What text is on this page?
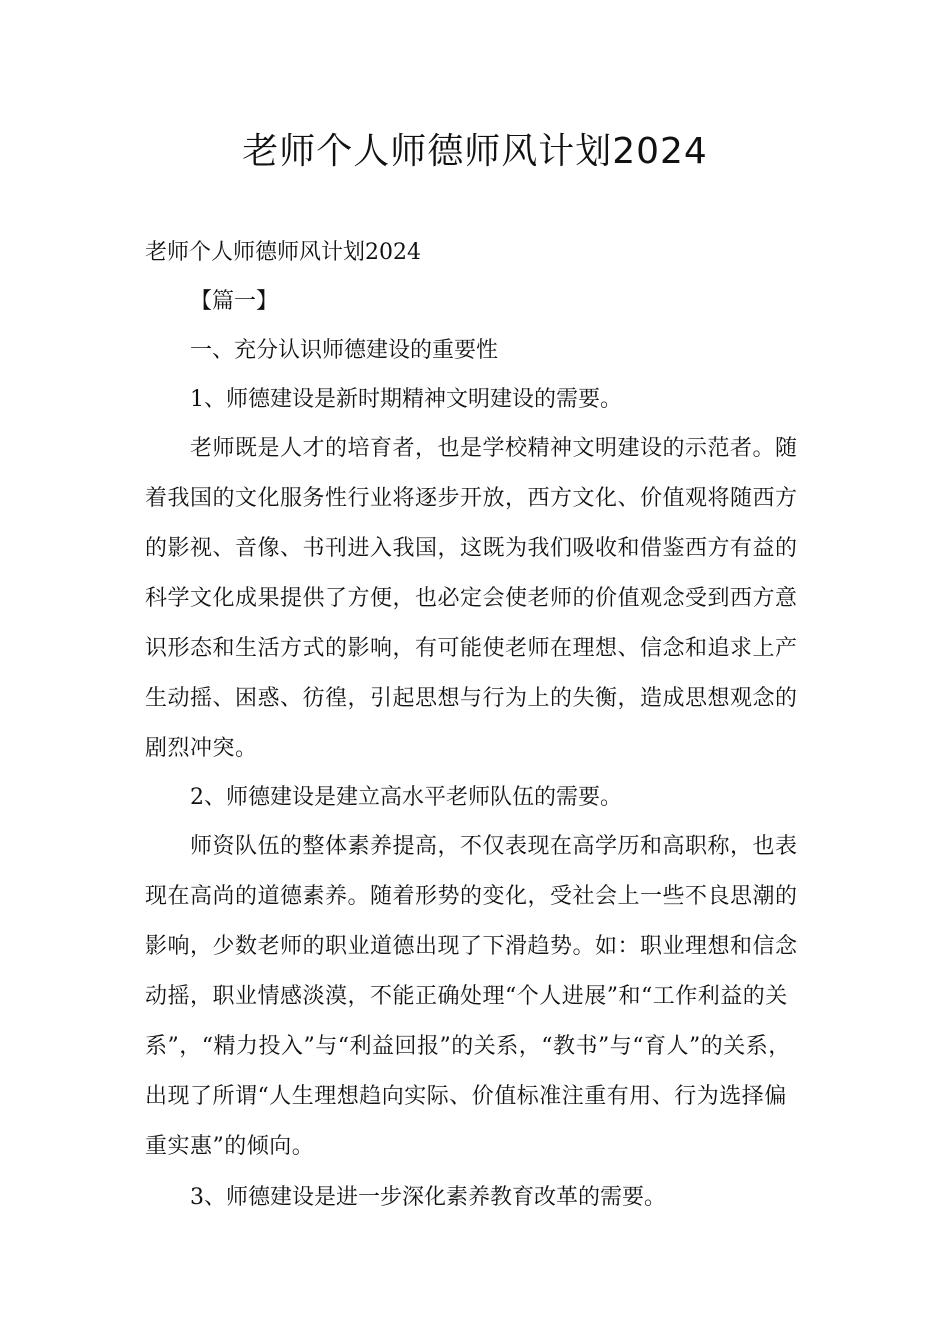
老师个人师德师风计划2024

老师个人师德师风计划2024

【篇一】

一、充分认识师德建设的重要性

1、师德建设是新时期精神文明建设的需要。

老师既是人才的培育者，也是学校精神文明建设的示范者。随着我国的文化服务性行业将逐步开放，西方文化、价值观将随西方的影视、音像、书刊进入我国，这既为我们吸收和借鉴西方有益的科学文化成果提供了方便，也必定会使老师的价值观念受到西方意识形态和生活方式的影响，有可能使老师在理想、信念和追求上产生动摇、困惑、彷徨，引起思想与行为上的失衡，造成思想观念的剧烈冲突。

2、师德建设是建立高水平老师队伍的需要。

师资队伍的整体素养提高，不仅表现在高学历和高职称，也表现在高尚的道德素养。随着形势的变化，受社会上一些不良思潮的影响，少数老师的职业道德出现了下滑趋势。如：职业理想和信念动摇，职业情感淡漠，不能正确处理“个人进展”和“工作利益的关系”，“精力投入”与“利益回报”的关系，“教书”与“育人”的关系，出现了所谓“人生理想趋向实际、价值标准注重有用、行为选择偏重实惠”的倾向。

3、师德建设是进一步深化素养教育改革的需要。
